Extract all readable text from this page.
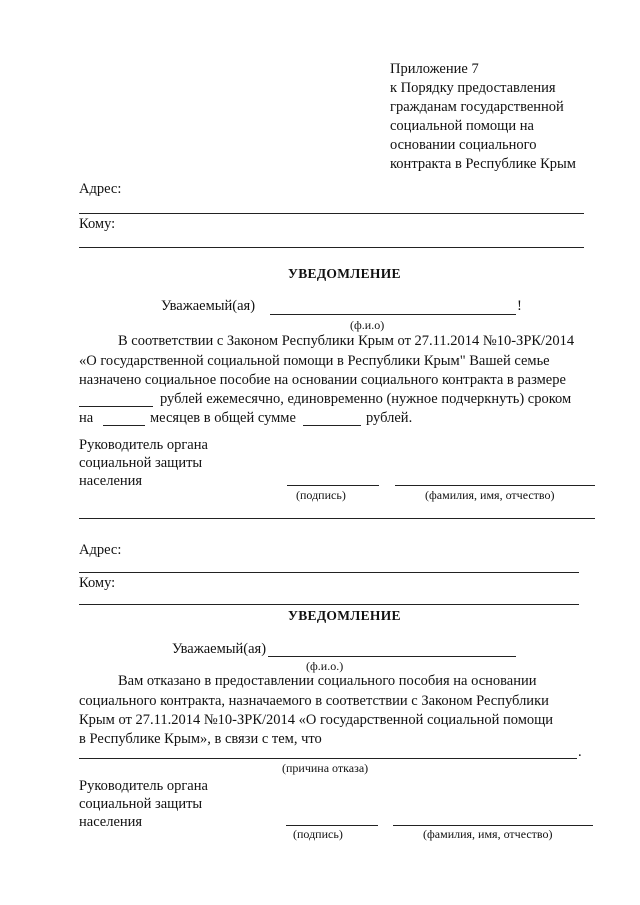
Приложение 7
к Порядку предоставления
гражданам государственной
социальной помощи на
основании социального
контракта в Республике Крым
Адрес:
Кому:
УВЕДОМЛЕНИЕ
Уважаемый(ая)	!
(ф.и.о)
В соответствии с Законом Республики Крым от 27.11.2014 №10-ЗРК/2014
«О государственной социальной помощи в Республики Крым" Вашей семье
назначено социальное пособие на основании социального контракта в размере
рублей ежемесячно, единовременно (нужное подчеркнуть) сроком
на	месяцев в общей сумме	рублей.
Руководитель органа
социальной защиты
населения
(подпись)	(фамилия, имя, отчество)
Адрес:
Кому:
УВЕДОМЛЕНИЕ
Уважаемый(ая)
(ф.и.о.)
Вам отказано в предоставлении социального пособия на основании
социального контракта, назначаемого в соответствии с Законом Республики
Крым от 27.11.2014 №10-ЗРК/2014 «О государственной социальной помощи
в Республике Крым», в связи с тем, что
.
(причина отказа)
Руководитель органа
социальной защиты
населения
(подпись)	(фамилия, имя, отчество)
